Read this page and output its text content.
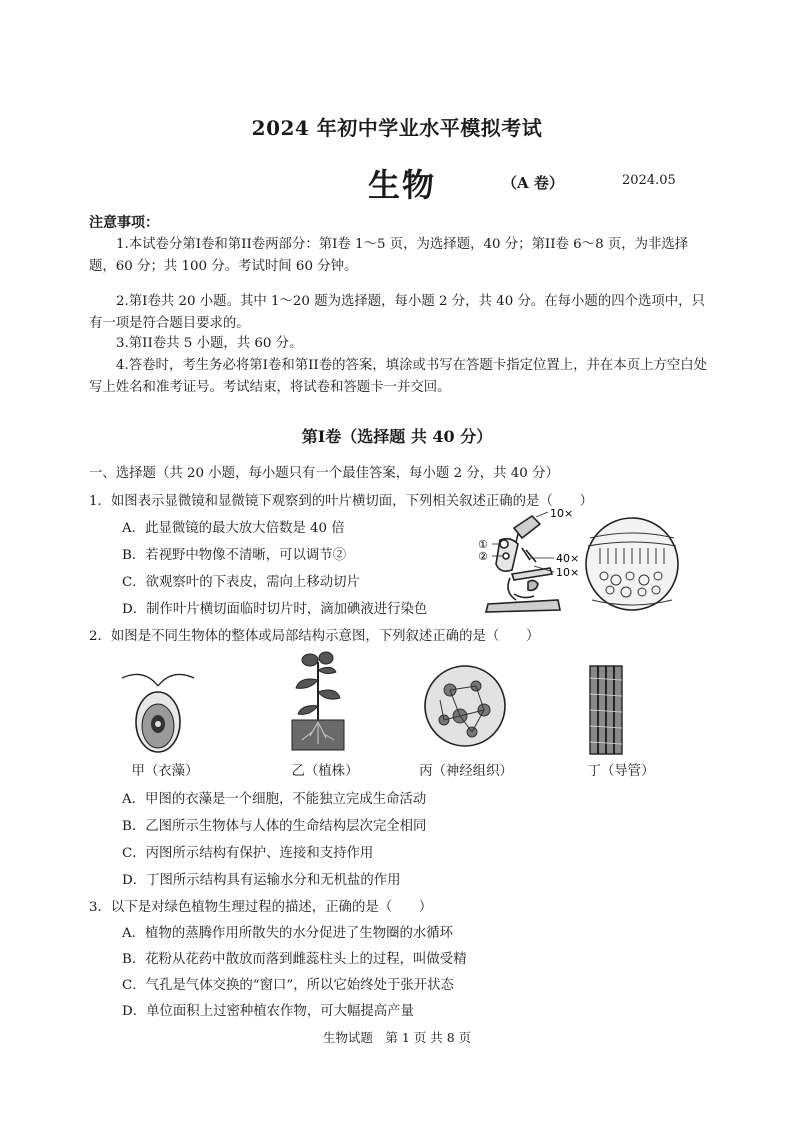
2024 年初中学业水平模拟考试
生物	（A 卷）	2024.05
注意事项：

1.本试卷分第I卷和第II卷两部分：第I卷 1～5 页，为选择题，40 分；第II卷 6～8 页，为非选择题，60 分；共 100 分。考试时间 60 分钟。

2.第I卷共 20 小题。其中 1～20 题为选择题，每小题 2 分，共 40 分。在每小题的四个选项中，只有一项是符合题目要求的。

3.第II卷共 5 小题，共 60 分。

4.答卷时，考生务必将第I卷和第II卷的答案，填涂或书写在答题卡指定位置上，并在本页上方空白处写上姓名和准考证号。考试结束，将试卷和答题卡一并交回。

第I卷（选择题 共 40 分）
一、选择题（共 20 小题，每小题只有一个最佳答案，每小题 2 分，共 40 分）
1．如图表示显微镜和显微镜下观察到的叶片横切面，下列相关叙述正确的是（　　）
A．此显微镜的最大放大倍数是 40 倍
B．若视野中物像不清晰，可以调节②
C．欲观察叶的下表皮，需向上移动切片
D．制作叶片横切面临时切片时，滴加碘液进行染色
10×
①
②	40×
10×
2．如图是不同生物体的整体或局部结构示意图，下列叙述正确的是（　　）
甲（衣藻）	乙（植株）	丙（神经组织）	丁（导管）
A．甲图的衣藻是一个细胞，不能独立完成生命活动
B．乙图所示生物体与人体的生命结构层次完全相同
C．丙图所示结构有保护、连接和支持作用
D．丁图所示结构具有运输水分和无机盐的作用
3．以下是对绿色植物生理过程的描述，正确的是（　　）
A．植物的蒸腾作用所散失的水分促进了生物圈的水循环
B．花粉从花药中散放而落到雌蕊柱头上的过程，叫做受精
C．气孔是气体交换的“窗口”，所以它始终处于张开状态
D．单位面积上过密种植农作物，可大幅提高产量
生物试题　第 1 页 共 8 页
